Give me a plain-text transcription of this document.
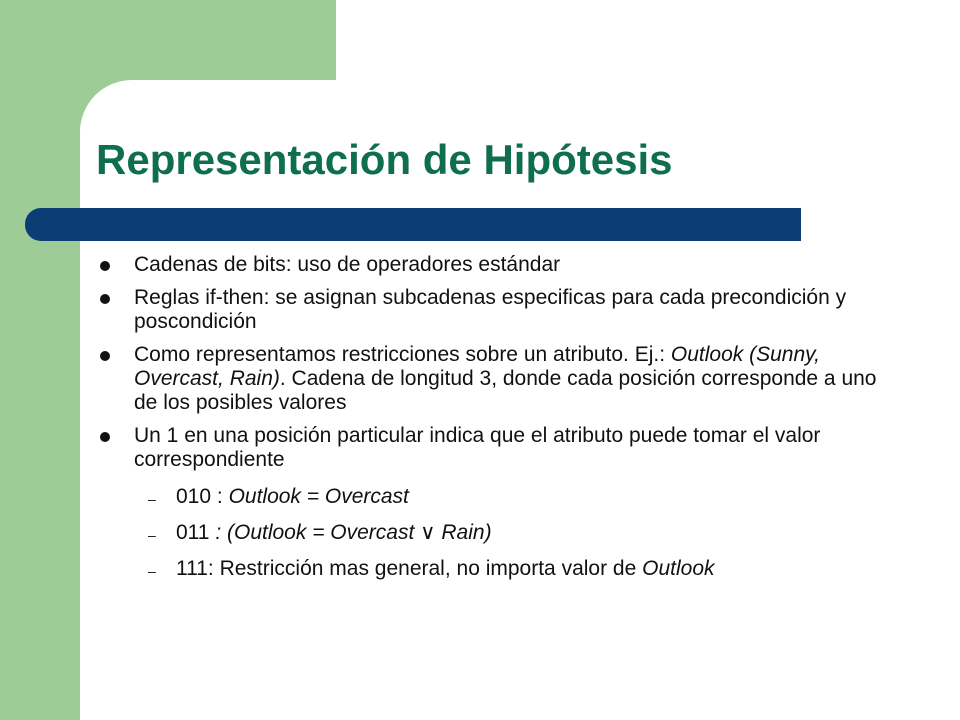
Representación de Hipótesis
Cadenas de bits: uso de operadores estándar
Reglas if-then: se asignan subcadenas especificas para cada precondición y poscondición
Como representamos restricciones sobre un atributo. Ej.: Outlook (Sunny, Overcast, Rain). Cadena de longitud 3, donde cada posición corresponde a uno de los posibles valores
Un 1 en una posición particular indica que el atributo puede tomar el valor correspondiente
– 010 : Outlook = Overcast
– 011 : (Outlook = Overcast ∨ Rain)
– 111: Restricción mas general, no importa valor de Outlook
